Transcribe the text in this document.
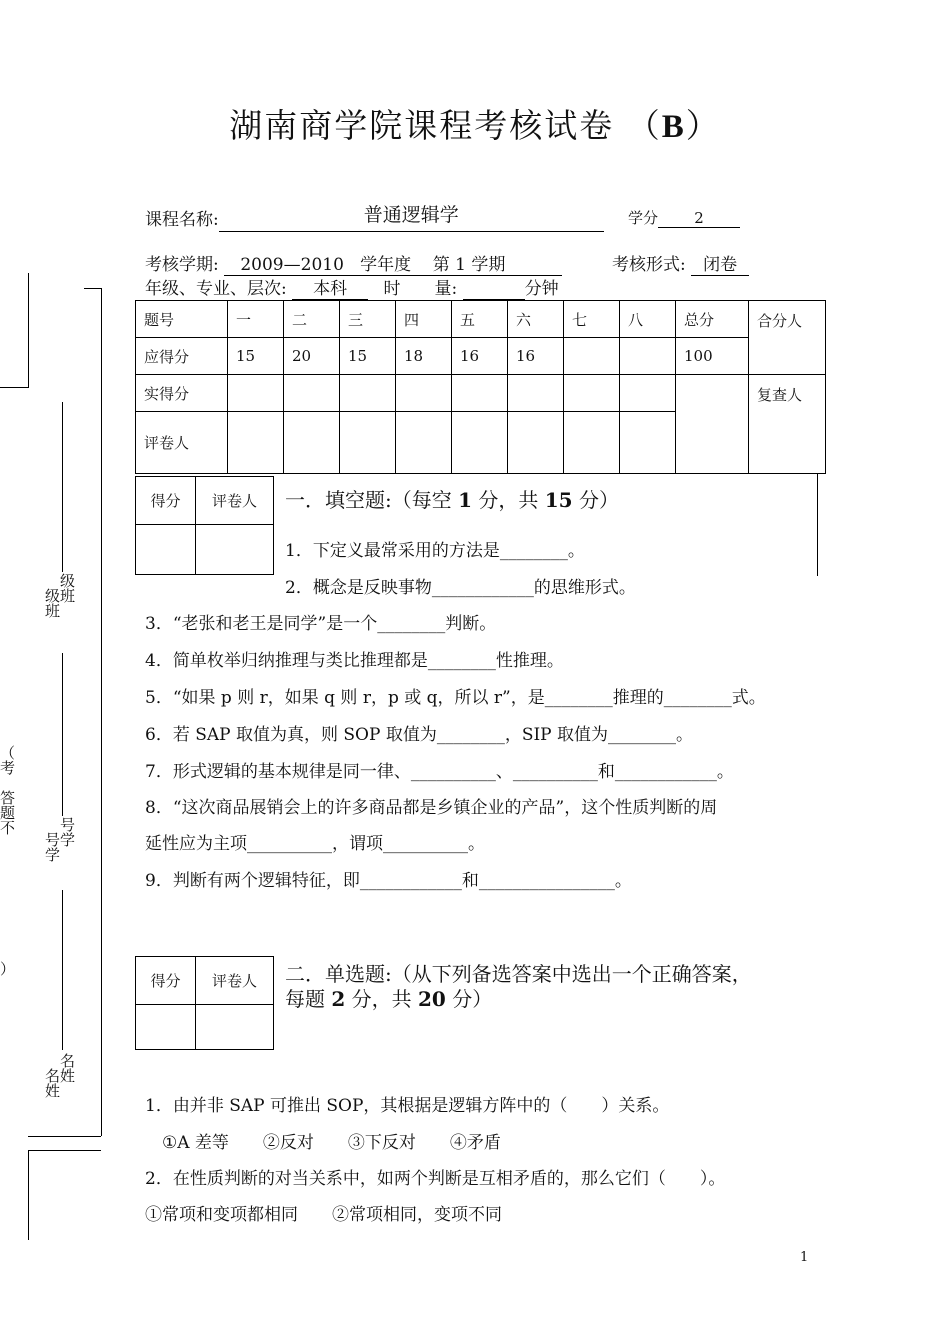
湖南商学院课程考核试卷 （B）
课程名称:	普通逻辑学	学分 2
考核学期: 2009—2010 学年度 第 1 学期	考核形式: 闭卷
年级、专业、层次: 本科 时　　量:	分钟
题号	一	二	三	四	五	六	七	八	总分	合分人
应得分	15	20	15	18	16	16			100	
实得分										复查人
评卷人										
得分	评卷人
	一．填空题:（每空 1 分，共 15 分）
1．下定义最常采用的方法是________。
2．概念是反映事物____________的思维形式。
3．“老张和老王是同学”是一个________判断。
4．简单枚举归纳推理与类比推理都是________性推理。
5．“如果 p 则 r，如果 q 则 r，p 或 q，所以 r”，是________推理的________式。
6．若 SAP 取值为真，则 SOP 取值为________，SIP 取值为________。
7．形式逻辑的基本规律是同一律、__________、__________和____________。
8．“这次商品展销会上的许多商品都是乡镇企业的产品”，这个性质判断的周
延性应为主项__________，谓项__________。
9．判断有两个逻辑特征，即____________和________________。
得分	评卷人
	二．单选题:（从下列备选答案中选出一个正确答案，
每题 2 分，共 20 分）
1．由并非 SAP 可推出 SOP，其根据是逻辑方阵中的（　　）关系。
①A 差等　　②反对　　③下反对　　④矛盾
2．在性质判断的对当关系中，如两个判断是互相矛盾的，那么它们（　　）。
①常项和变项都相同　　②常项相同，变项不同
级
班
级
班
号
学
号
学
名
姓
名
姓
（
考

答
题
不
）
1
